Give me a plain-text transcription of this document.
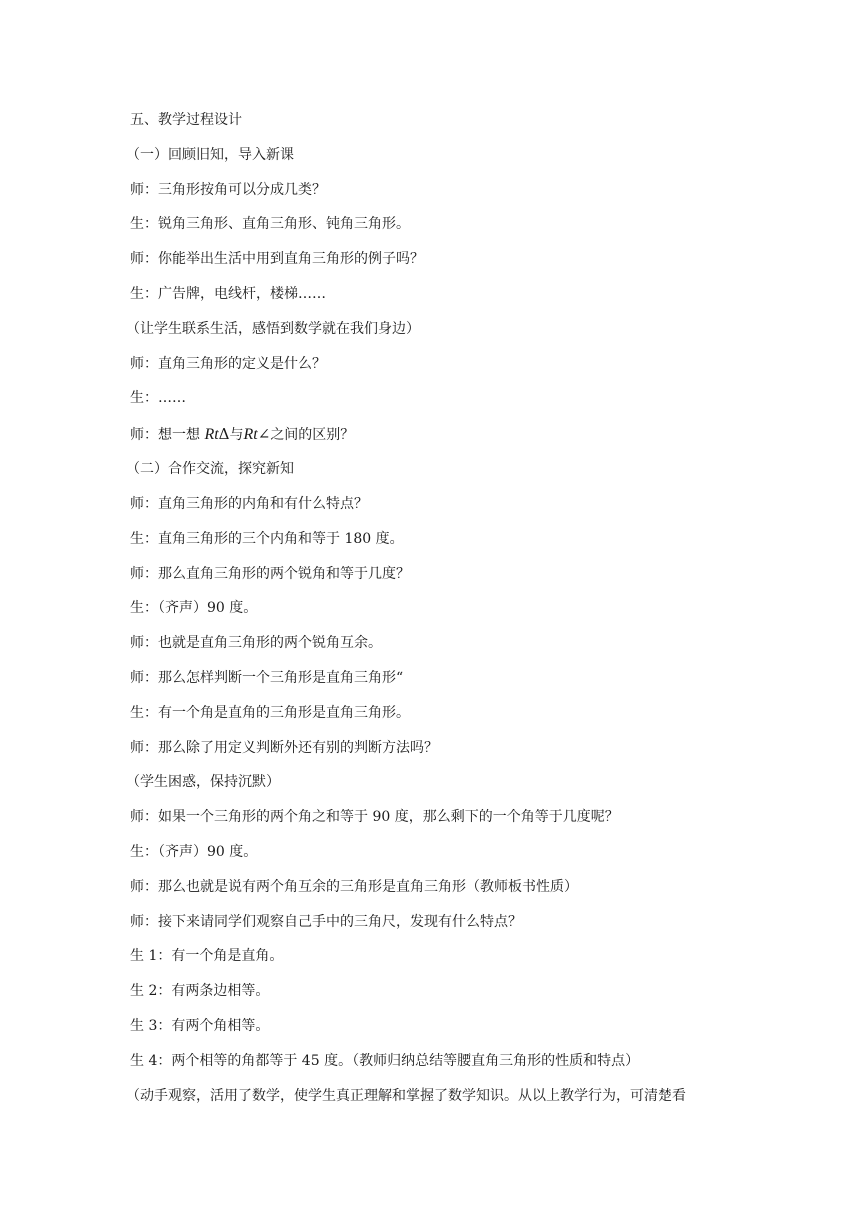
五、教学过程设计
（一）回顾旧知，导入新课
师：三角形按角可以分成几类？
生：锐角三角形、直角三角形、钝角三角形。
师：你能举出生活中用到直角三角形的例子吗？
生：广告牌，电线杆，楼梯……
（让学生联系生活，感悟到数学就在我们身边）
师：直角三角形的定义是什么？
生：……
师：想一想 RtΔ与Rt∠之间的区别？
（二）合作交流，探究新知
师：直角三角形的内角和有什么特点？
生：直角三角形的三个内角和等于 180 度。
师：那么直角三角形的两个锐角和等于几度？
生：（齐声）90 度。
师：也就是直角三角形的两个锐角互余。
师：那么怎样判断一个三角形是直角三角形“
生：有一个角是直角的三角形是直角三角形。
师：那么除了用定义判断外还有别的判断方法吗？
（学生困惑，保持沉默）
师：如果一个三角形的两个角之和等于 90 度，那么剩下的一个角等于几度呢？
生：（齐声）90 度。
师：那么也就是说有两个角互余的三角形是直角三角形（教师板书性质）
师：接下来请同学们观察自己手中的三角尺，发现有什么特点？
生 1：有一个角是直角。
生 2：有两条边相等。
生 3：有两个角相等。
生 4：两个相等的角都等于 45 度。（教师归纳总结等腰直角三角形的性质和特点）
（动手观察，活用了数学，使学生真正理解和掌握了数学知识。从以上教学行为，可清楚看
